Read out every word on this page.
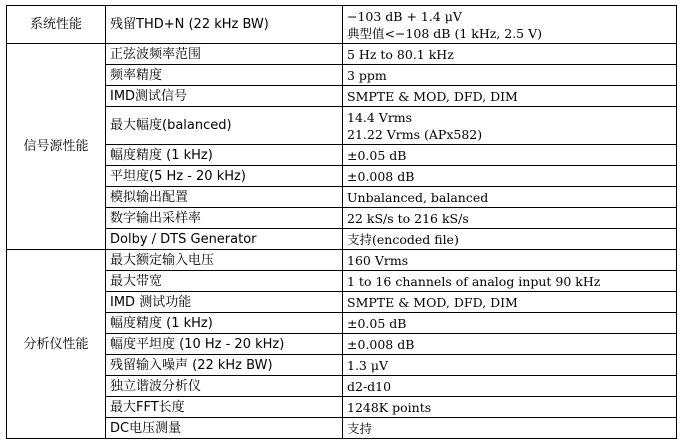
系统性能	残留THD+N (22 kHz BW)	−103 dB + 1.4 μV
典型值<−108 dB (1 kHz, 2.5 V)

信号源性能	正弦波频率范围	5 Hz to 80.1 kHz

	频率精度	3 ppm

	IMD测试信号	SMPTE & MOD, DFD, DIM

	最大幅度(balanced)	14.4 Vrms
21.22 Vrms (APx582)

	幅度精度 (1 kHz)	±0.05 dB

	平坦度(5 Hz - 20 kHz)	±0.008 dB

	模拟输出配置	Unbalanced, balanced

	数字输出采样率	22 kS/s to 216 kS/s

	Dolby / DTS Generator	支持(encoded file)

分析仪性能	最大额定输入电压	160 Vrms

	最大带宽	1 to 16 channels of analog input 90 kHz

	IMD 测试功能	SMPTE & MOD, DFD, DIM

	幅度精度 (1 kHz)	±0.05 dB

	幅度平坦度 (10 Hz - 20 kHz)	±0.008 dB

	残留输入噪声 (22 kHz BW)	1.3 μV

	独立谐波分析仪	d2-d10

	最大FFT长度	1248K points

	DC电压测量	支持
